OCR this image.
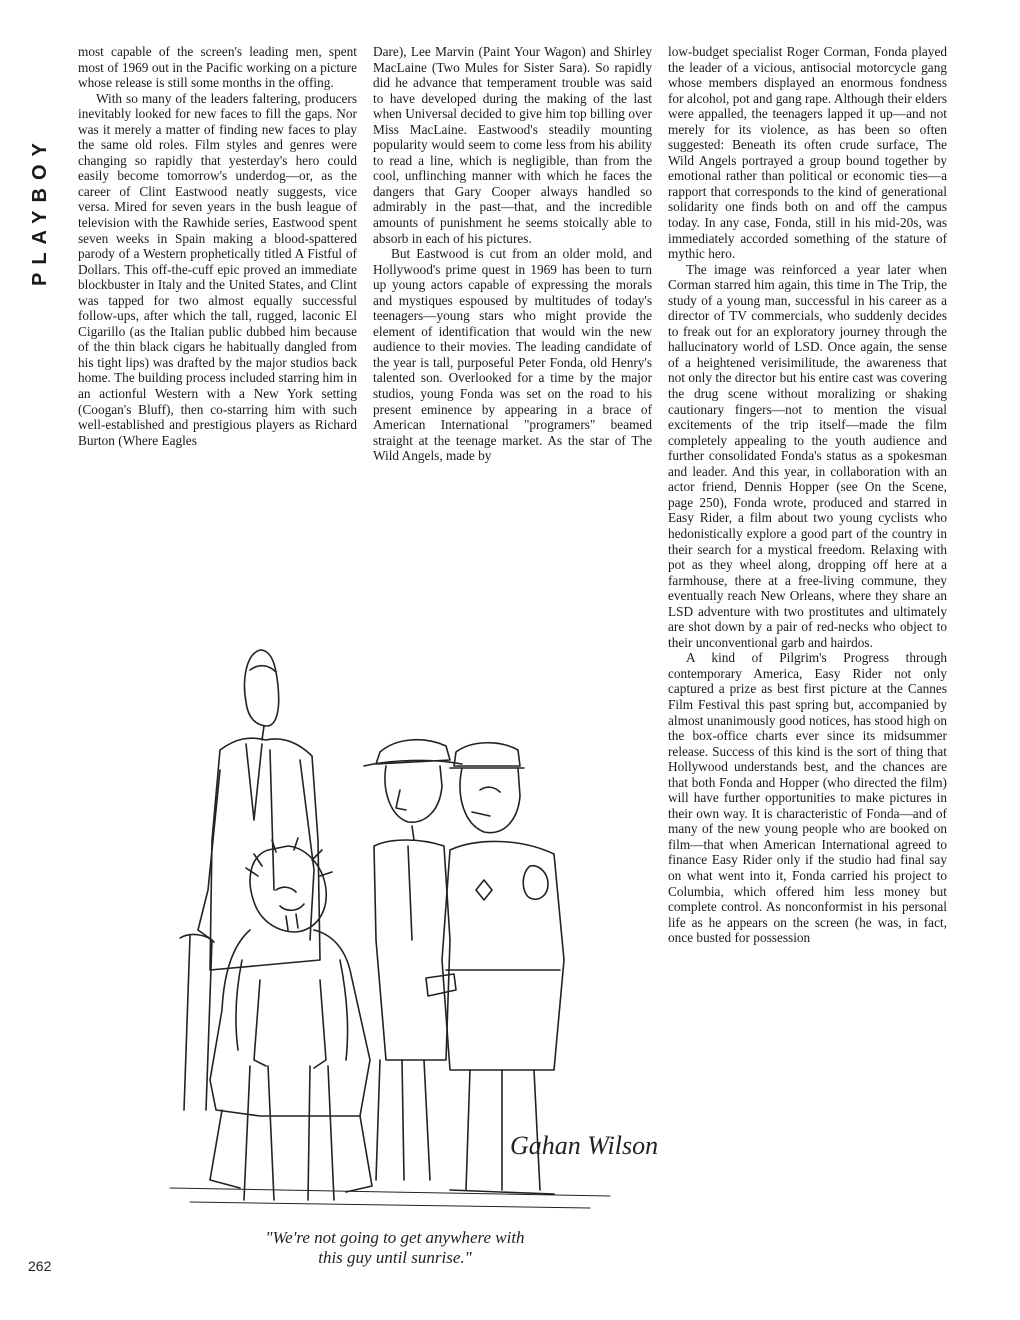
PLAYBOY

most capable of the screen's leading men, spent most of 1969 out in the Pacific working on a picture whose release is still some months in the offing.

With so many of the leaders faltering, producers inevitably looked for new faces to fill the gaps. Nor was it merely a matter of finding new faces to play the same old roles. Film styles and genres were changing so rapidly that yesterday's hero could easily become tomorrow's underdog—or, as the career of Clint Eastwood neatly suggests, vice versa. Mired for seven years in the bush league of television with the Rawhide series, Eastwood spent seven weeks in Spain making a blood-spattered parody of a Western prophetically titled A Fistful of Dollars. This off-the-cuff epic proved an immediate blockbuster in Italy and the United States, and Clint was tapped for two almost equally successful follow-ups, after which the tall, rugged, laconic El Cigarillo (as the Italian public dubbed him because of the thin black cigars he habitually dangled from his tight lips) was drafted by the major studios back home. The building process included starring him in an actionful Western with a New York setting (Coogan's Bluff), then co-starring him with such well-established and prestigious players as Richard Burton (Where Eagles

Dare), Lee Marvin (Paint Your Wagon) and Shirley MacLaine (Two Mules for Sister Sara). So rapidly did he advance that temperament trouble was said to have developed during the making of the last when Universal decided to give him top billing over Miss MacLaine. Eastwood's steadily mounting popularity would seem to come less from his ability to read a line, which is negligible, than from the cool, unflinching manner with which he faces the dangers that Gary Cooper always handled so admirably in the past—that, and the incredible amounts of punishment he seems stoically able to absorb in each of his pictures.

But Eastwood is cut from an older mold, and Hollywood's prime quest in 1969 has been to turn up young actors capable of expressing the morals and mystiques espoused by multitudes of today's teenagers—young stars who might provide the element of identification that would win the new audience to their movies. The leading candidate of the year is tall, purposeful Peter Fonda, old Henry's talented son. Overlooked for a time by the major studios, young Fonda was set on the road to his present eminence by appearing in a brace of American International "programers" beamed straight at the teenage market. As the star of The Wild Angels, made by

low-budget specialist Roger Corman, Fonda played the leader of a vicious, antisocial motorcycle gang whose members displayed an enormous fondness for alcohol, pot and gang rape. Although their elders were appalled, the teenagers lapped it up—and not merely for its violence, as has been so often suggested: Beneath its often crude surface, The Wild Angels portrayed a group bound together by emotional rather than political or economic ties—a rapport that corresponds to the kind of generational solidarity one finds both on and off the campus today. In any case, Fonda, still in his mid-20s, was immediately accorded something of the stature of mythic hero.

The image was reinforced a year later when Corman starred him again, this time in The Trip, the study of a young man, successful in his career as a director of TV commercials, who suddenly decides to freak out for an exploratory journey through the hallucinatory world of LSD. Once again, the sense of a heightened verisimilitude, the awareness that not only the director but his entire cast was covering the drug scene without moralizing or shaking cautionary fingers—not to mention the visual excitements of the trip itself—made the film completely appealing to the youth audience and further consolidated Fonda's status as a spokesman and leader. And this year, in collaboration with an actor friend, Dennis Hopper (see On the Scene, page 250), Fonda wrote, produced and starred in Easy Rider, a film about two young cyclists who hedonistically explore a good part of the country in their search for a mystical freedom. Relaxing with pot as they wheel along, dropping off here at a farmhouse, there at a free-living commune, they eventually reach New Orleans, where they share an LSD adventure with two prostitutes and ultimately are shot down by a pair of red-necks who object to their unconventional garb and hairdos.

A kind of Pilgrim's Progress through contemporary America, Easy Rider not only captured a prize as best first picture at the Cannes Film Festival this past spring but, accompanied by almost unanimously good notices, has stood high on the box-office charts ever since its midsummer release. Success of this kind is the sort of thing that Hollywood understands best, and the chances are that both Fonda and Hopper (who directed the film) will have further opportunities to make pictures in their own way. It is characteristic of Fonda—and of many of the new young people who are booked on film—that when American International agreed to finance Easy Rider only if the studio had final say on what went into it, Fonda carried his project to Columbia, which offered him less money but complete control. As nonconformist in his personal life as he appears on the screen (he was, in fact, once busted for possession

Gahan Wilson
"We're not going to get anywhere with
this guy until sunrise."
262
